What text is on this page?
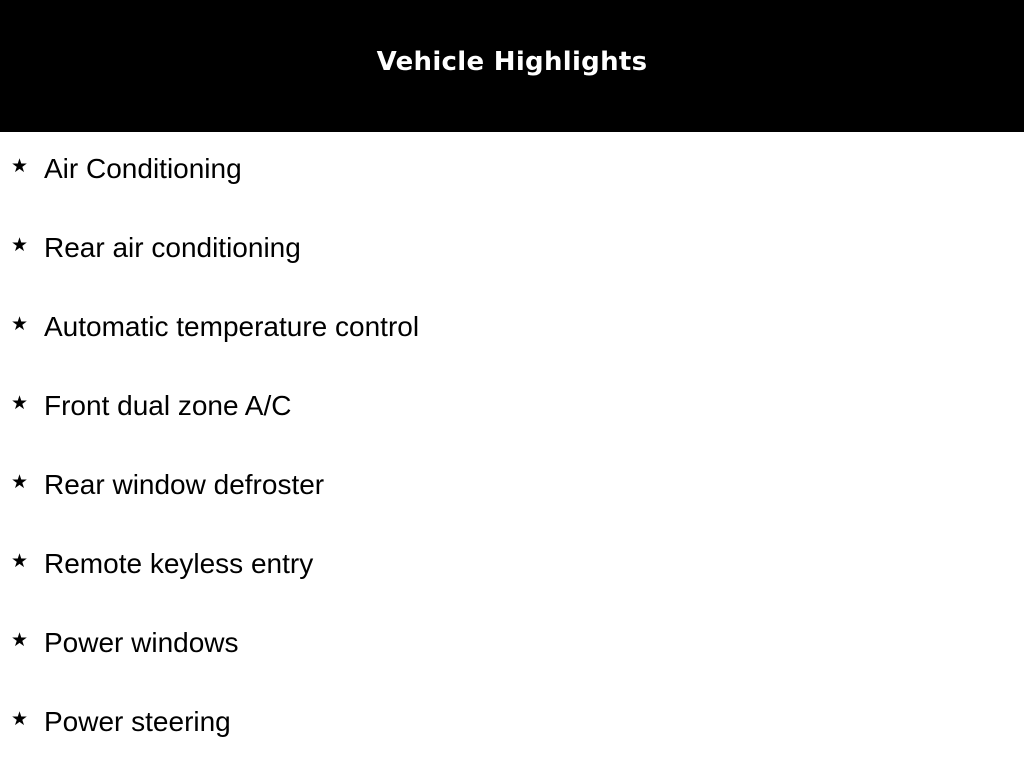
Vehicle Highlights
★ Air Conditioning
★ Rear air conditioning
★ Automatic temperature control
★ Front dual zone A/C
★ Rear window defroster
★ Remote keyless entry
★ Power windows
★ Power steering
